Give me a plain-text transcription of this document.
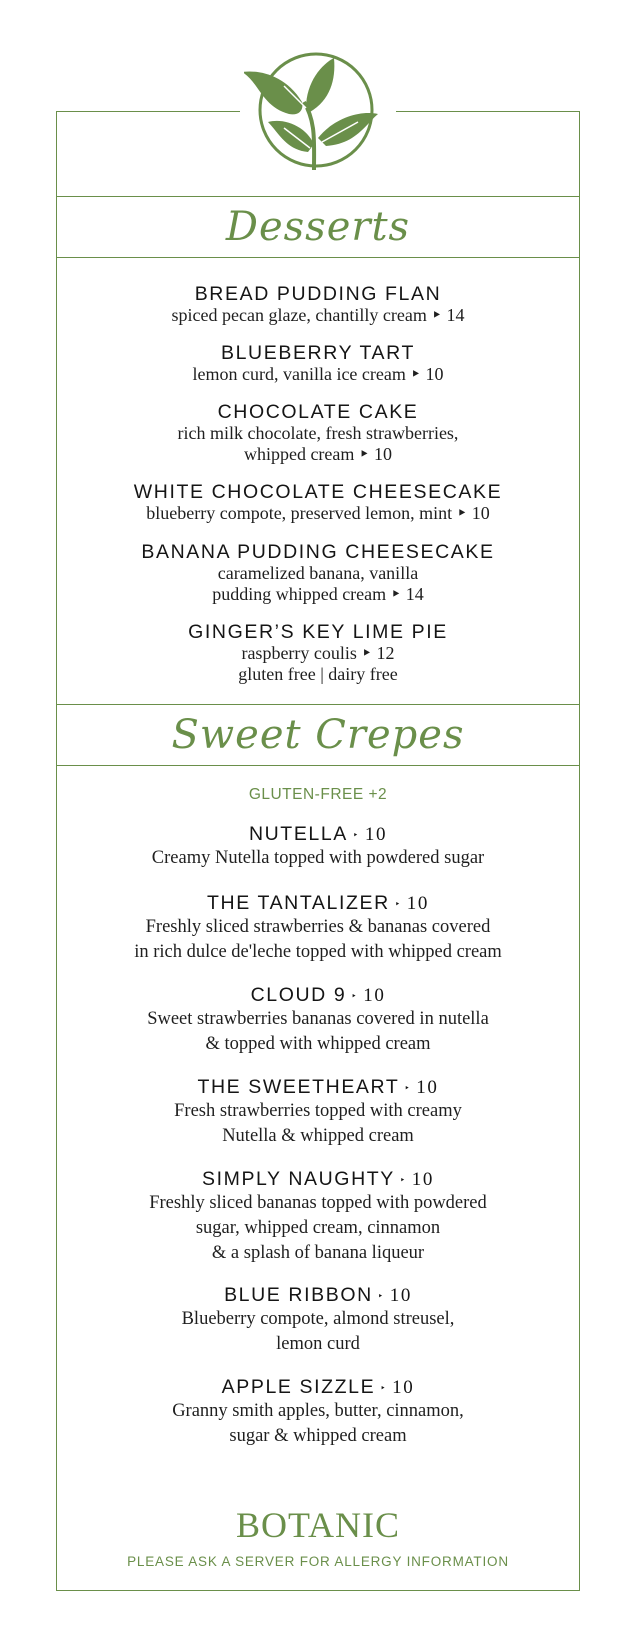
Desserts
Sweet Crepes
GLUTEN-FREE +2
BREAD PUDDING FLAN
spiced pecan glaze, chantilly cream ‣ 14
BLUEBERRY TART
lemon curd, vanilla ice cream ‣ 10
CHOCOLATE CAKE
rich milk chocolate, fresh strawberries,
whipped cream ‣ 10
WHITE CHOCOLATE CHEESECAKE
blueberry compote, preserved lemon, mint ‣ 10
BANANA PUDDING CHEESECAKE
caramelized banana, vanilla
pudding whipped cream ‣ 14
GINGER’S KEY LIME PIE
raspberry coulis ‣ 12
gluten free | dairy free
NUTELLA ‣ 10
Creamy Nutella topped with powdered sugar
THE TANTALIZER ‣ 10
Freshly sliced strawberries & bananas covered
in rich dulce de'leche topped with whipped cream
CLOUD 9 ‣ 10
Sweet strawberries bananas covered in nutella
& topped with whipped cream
THE SWEETHEART ‣ 10
Fresh strawberries topped with creamy
Nutella & whipped cream
SIMPLY NAUGHTY ‣ 10
Freshly sliced bananas topped with powdered
sugar, whipped cream, cinnamon
& a splash of banana liqueur
BLUE RIBBON ‣ 10
Blueberry compote, almond streusel,
lemon curd
APPLE SIZZLE ‣ 10
Granny smith apples, butter, cinnamon,
sugar & whipped cream
BOTANIC
PLEASE ASK A SERVER FOR ALLERGY INFORMATION
